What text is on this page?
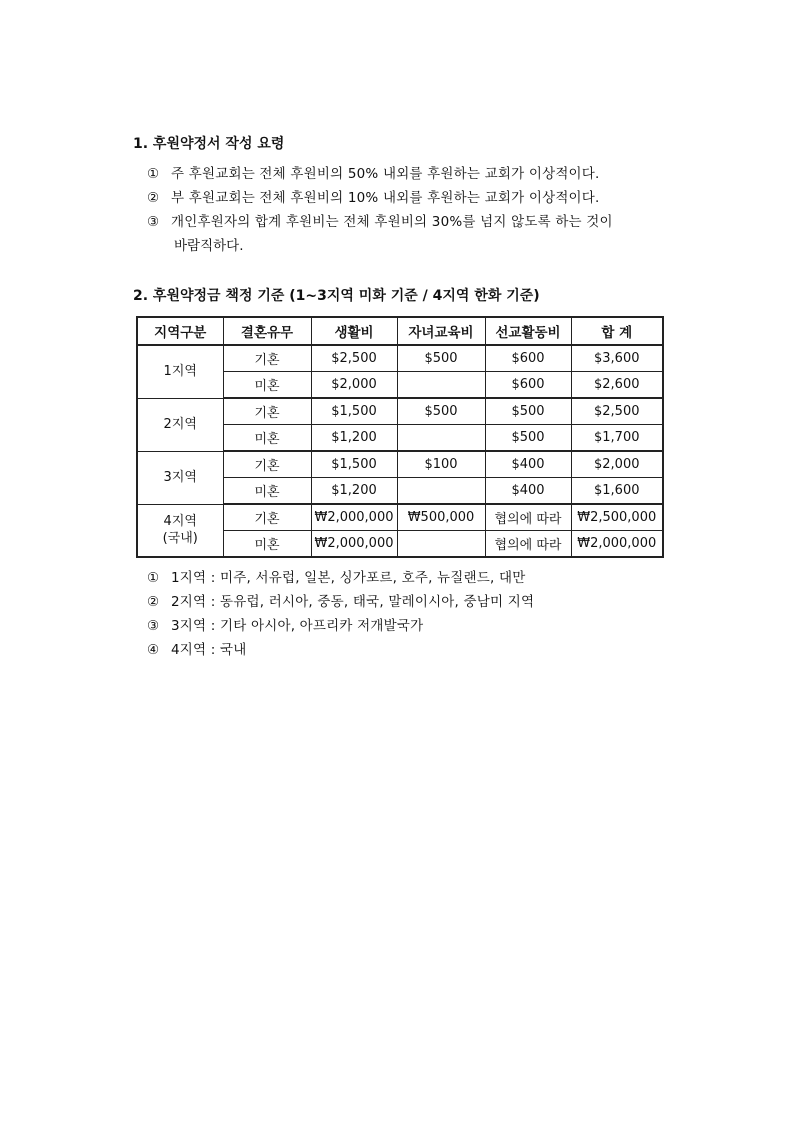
1. 후원약정서 작성 요령
① 주 후원교회는 전체 후원비의 50% 내외를 후원하는 교회가 이상적이다.
② 부 후원교회는 전체 후원비의 10% 내외를 후원하는 교회가 이상적이다.
③ 개인후원자의 합계 후원비는 전체 후원비의 30%를 넘지 않도록 하는 것이
바람직하다.
2. 후원약정금 책정 기준 (1~3지역 미화 기준 / 4지역 한화 기준)
지역구분	결혼유무	생활비	자녀교육비	선교활동비	합 계
1지역	기혼	$2,500	$500	$600	$3,600
	미혼	$2,000		$600	$2,600
2지역	기혼	$1,500	$500	$500	$2,500
	미혼	$1,200		$500	$1,700
3지역	기혼	$1,500	$100	$400	$2,000
	미혼	$1,200		$400	$1,600

4지역
(국내)	기혼	₩2,000,000	₩500,000	협의에 따라	₩2,500,000
	미혼	₩2,000,000		협의에 따라	₩2,000,000
① 1지역 : 미주, 서유럽, 일본, 싱가포르, 호주, 뉴질랜드, 대만
② 2지역 : 동유럽, 러시아, 중동, 태국, 말레이시아, 중남미 지역
③ 3지역 : 기타 아시아, 아프리카 저개발국가
④ 4지역 : 국내
